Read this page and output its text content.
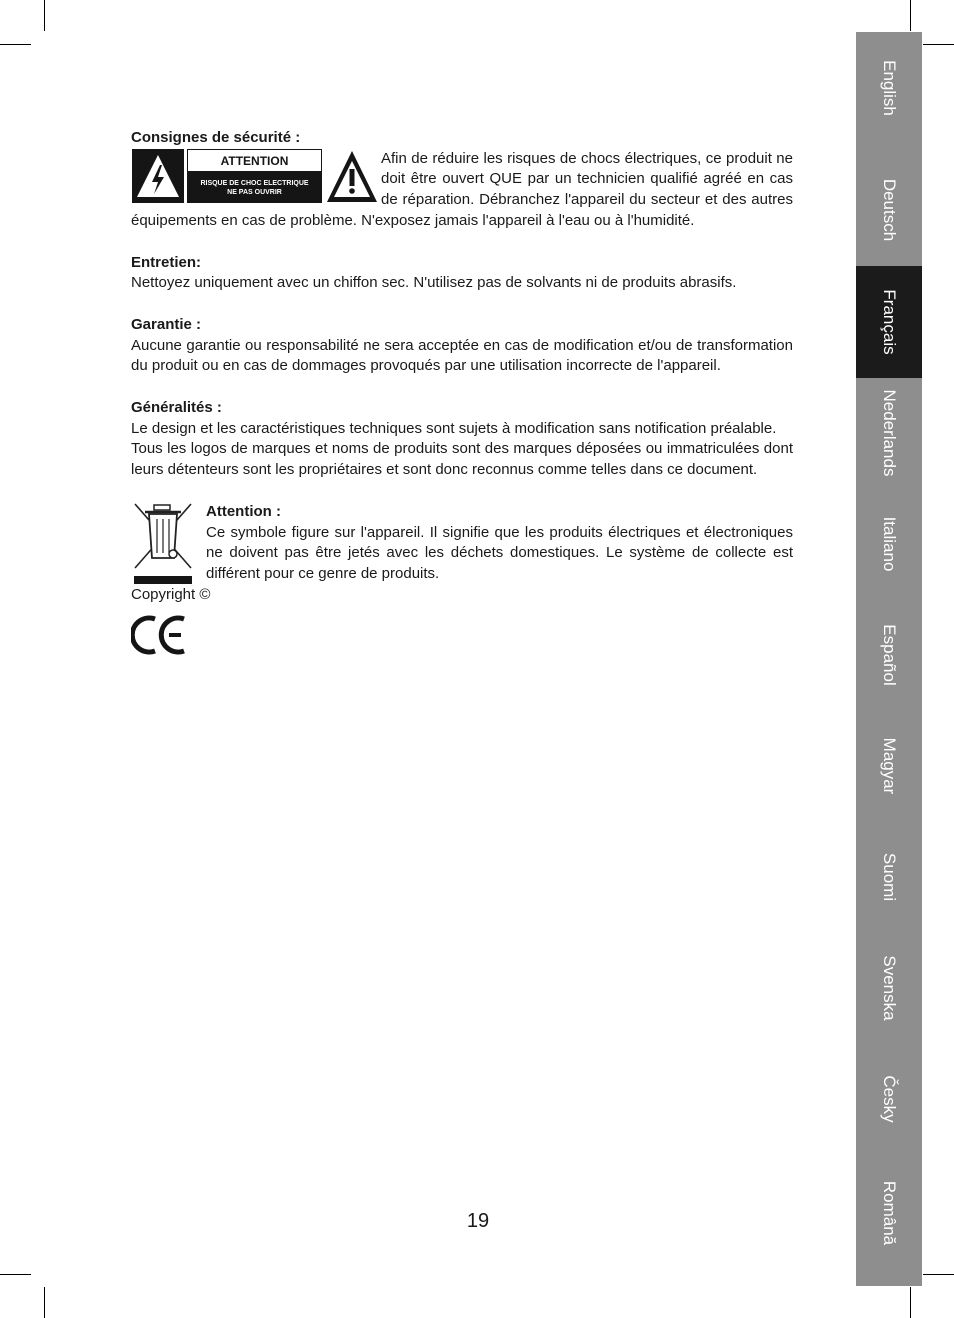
Consignes de sécurité :

ATTENTION
RISQUE DE CHOC ELECTRIQUE
NE PAS OUVRIR

Afin de réduire les risques de chocs électriques, ce produit ne doit être ouvert QUE par un technicien qualifié agréé en cas de réparation. Débranchez l'appareil du secteur et des autres équipements en cas de problème. N'exposez jamais l'appareil à l'eau ou à l'humidité.

Entretien:

Nettoyez uniquement avec un chiffon sec. N'utilisez pas de solvants ni de produits abrasifs.

Garantie :

Aucune garantie ou responsabilité ne sera acceptée en cas de modification et/ou de transformation du produit ou en cas de dommages provoqués par une utilisation incorrecte de l'appareil.

Généralités :

Le design et les caractéristiques techniques sont sujets à modification sans notification préalable.

Tous les logos de marques et noms de produits sont des marques déposées ou immatriculées dont leurs détenteurs sont les propriétaires et sont donc reconnus comme telles dans ce document.

Attention :

Ce symbole figure sur l'appareil. Il signifie que les produits électriques et électroniques ne doivent pas être jetés avec les déchets domestiques. Le système de collecte est différent pour ce genre de produits.

Copyright ©

19
English
Deutsch
Français
Nederlands
Italiano
Español
Magyar
Suomi
Svenska
Česky
Română
